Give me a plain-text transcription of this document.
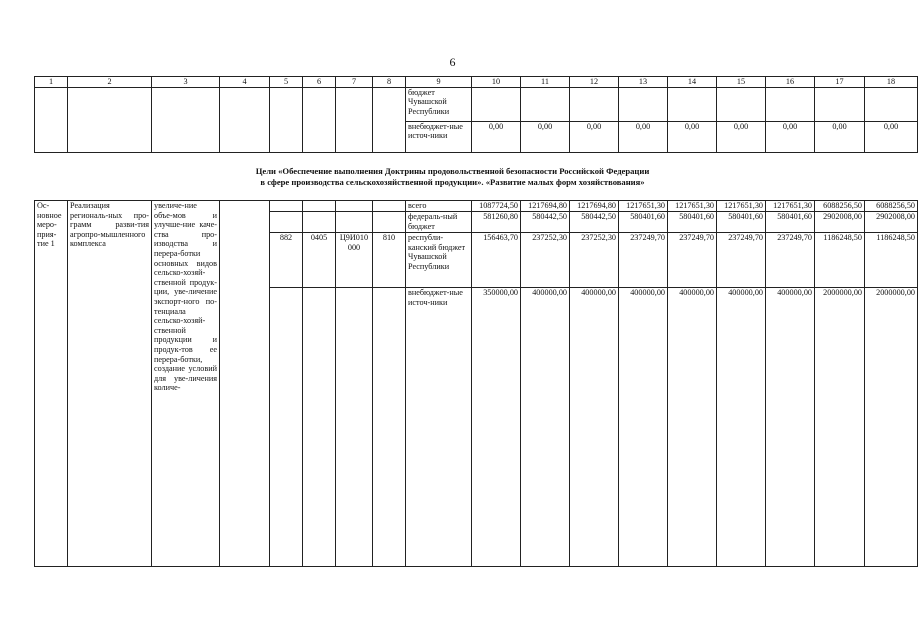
6
1	2	3	4	5	6	7	8	9	10	11	12	13	14	15	16	17	18
								бюджет Чувашской Республики									
								внебюджет-ные источ-ники	0,00	0,00	0,00	0,00	0,00	0,00	0,00	0,00	0,00
Цели «Обеспечение выполнения Доктрины продовольственной безопасности Российской Федерации
в сфере производства сельскохозяйственной продукции». «Развитие малых форм хозяйствования»
Ос-новное меро-прия-тие 1	Реализация региональ-ных про-грамм разви-тия агропро-мышленного комплекса	увеличе-ние объе-мов и улучше-ние каче-ства про-изводства и перера-ботки основных видов сельско-хозяй-ственной продук-ции, уве-личение экспорт-ного по-тенциала сельско-хозяй-ственной продукции и продук-тов ее перера-ботки, создание условий для уве-личения количе-						всего	1087724,50	1217694,80	1217694,80	1217651,30	1217651,30	1217651,30	1217651,30	6088256,50	6088256,50
								федераль-ный бюджет	581260,80	580442,50	580442,50	580401,60	580401,60	580401,60	580401,60	2902008,00	2902008,00
				882	0405	Ц9И010 000	810	республи-канский бюджет Чувашской Республики	156463,70	237252,30	237252,30	237249,70	237249,70	237249,70	237249,70	1186248,50	1186248,50
								внебюджет-ные источ-ники	350000,00	400000,00	400000,00	400000,00	400000,00	400000,00	400000,00	2000000,00	2000000,00
